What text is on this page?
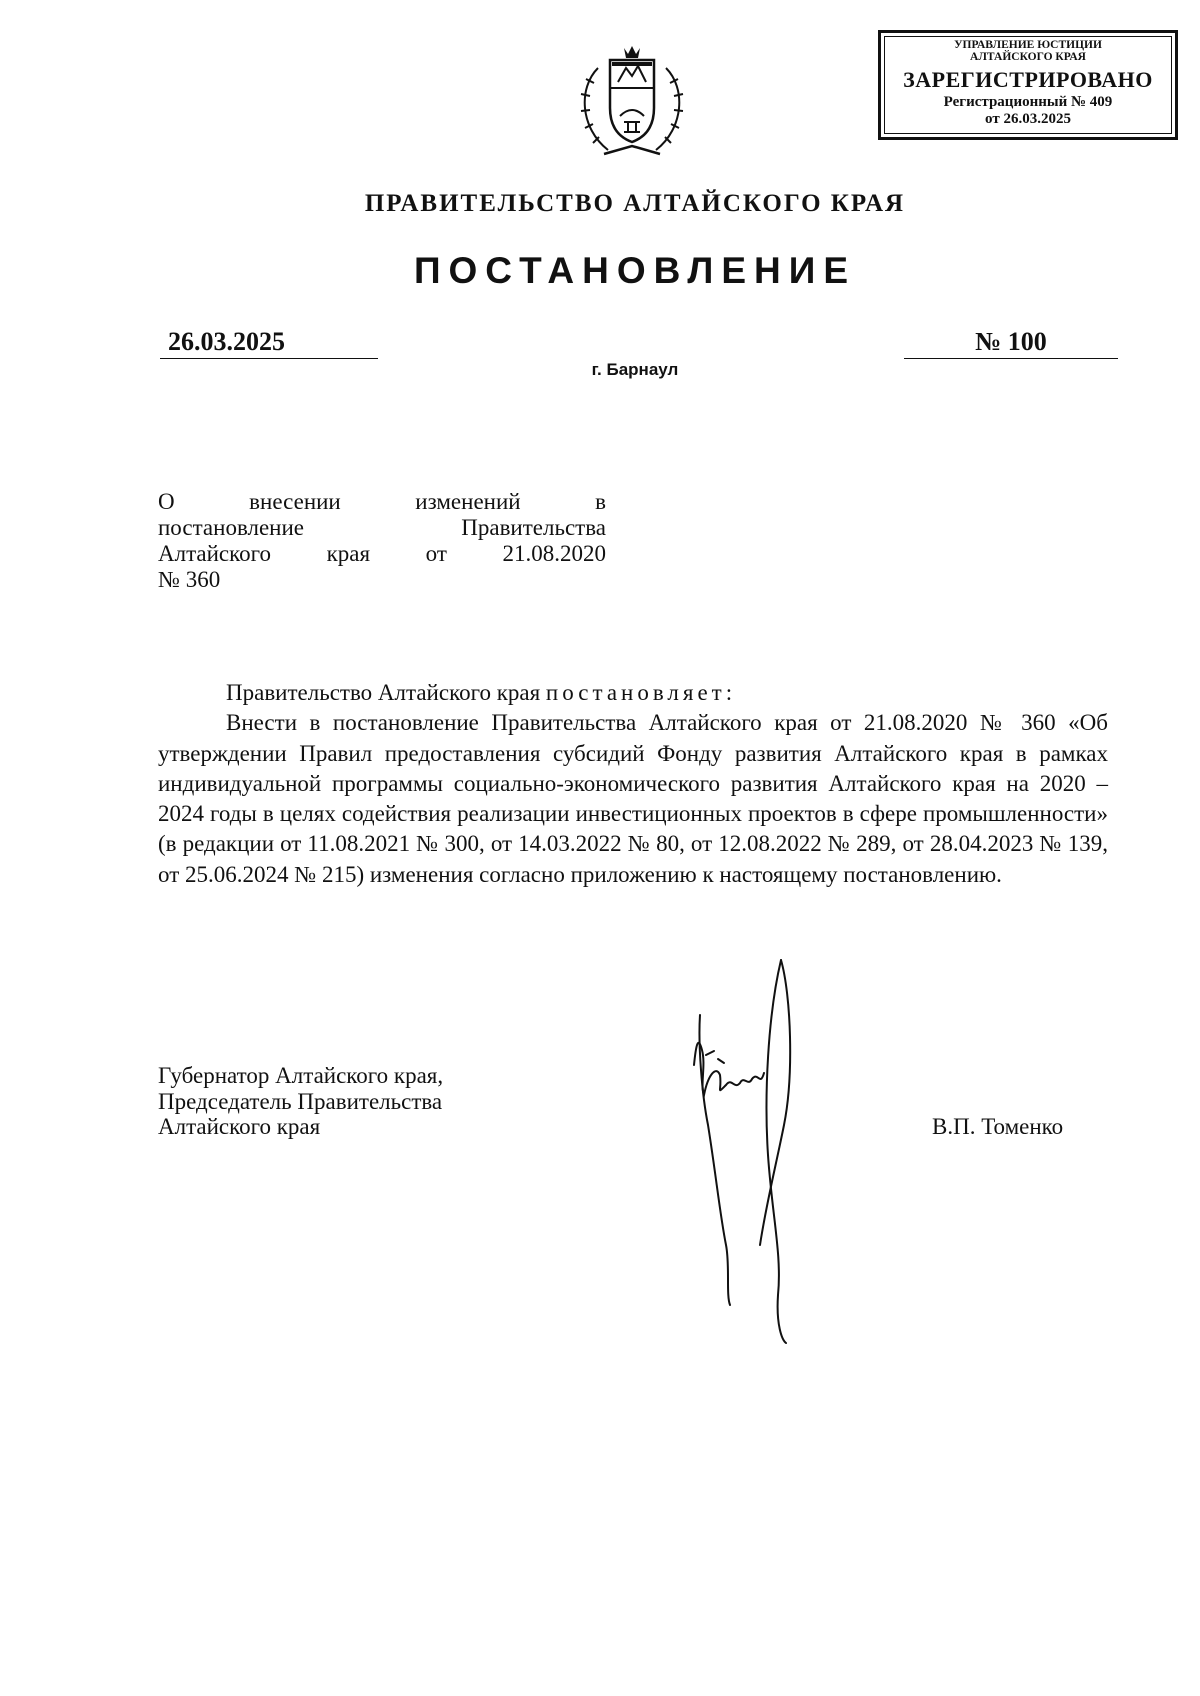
УПРАВЛЕНИЕ ЮСТИЦИИ
АЛТАЙСКОГО КРАЯ
ЗАРЕГИСТРИРОВАНО
Регистрационный № 409
от 26.03.2025
ПРАВИТЕЛЬСТВО АЛТАЙСКОГО КРАЯ
ПОСТАНОВЛЕНИЕ
26.03.2025	№ 100
г. Барнаул
О внесении изменений в
постановление Правительства
Алтайского края от 21.08.2020
№ 360

Правительство Алтайского края постановляет:

Внести в постановление Правительства Алтайского края от 21.08.2020 № 360 «Об утверждении Правил предоставления субсидий Фонду развития Алтайского края в рамках индивидуальной программы социально-экономического развития Алтайского края на 2020 – 2024 годы в целях содействия реализации инвестиционных проектов в сфере промышленности» (в редакции от 11.08.2021 № 300, от 14.03.2022 № 80, от 12.08.2022 № 289, от 28.04.2023 № 139, от 25.06.2024 № 215) изменения согласно приложению к настоящему постановлению.

Губернатор Алтайского края,
Председатель Правительства
Алтайского края	В.П. Томенко
